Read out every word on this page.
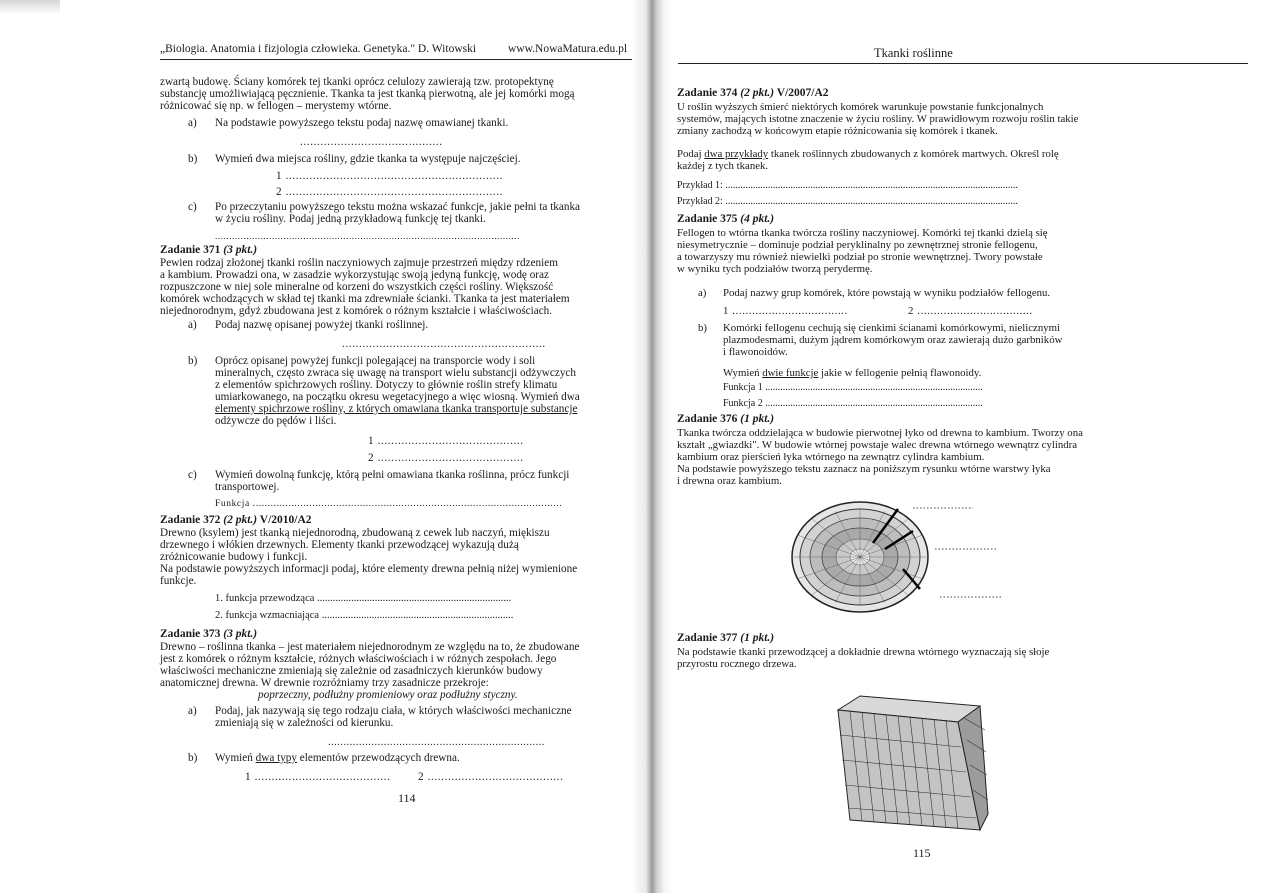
„Biologia. Anatomia i fizjologia człowieka. Genetyka." D. Witowski	www.NowaMatura.edu.pl
zwartą budowę. Ściany komórek tej tkanki oprócz celulozy zawierają tzw. protopektynę
substancję umożliwiającą pęcznienie. Tkanka ta jest tkanką pierwotną, ale jej komórki mogą
różnicować się np. w fellogen – merystemy wtórne.
a) Na podstawie powyższego tekstu podaj nazwę omawianej tkanki.
..........................................
b) Wymień dwa miejsca rośliny, gdzie tkanka ta występuje najczęściej.
1 ................................................................
2 ................................................................
c) Po przeczytaniu powyższego tekstu można wskazać funkcje, jakie pełni ta tkanka
w życiu rośliny. Podaj jedną przykładową funkcję tej tkanki.
...........................................................................................................
Zadanie 371 (3 pkt.)
Pewien rodzaj złożonej tkanki roślin naczyniowych zajmuje przestrzeń między rdzeniem
a kambium. Prowadzi ona, w zasadzie wykorzystując swoją jedyną funkcję, wodę oraz
rozpuszczone w niej sole mineralne od korzeni do wszystkich części rośliny. Większość
komórek wchodzących w skład tej tkanki ma zdrewniałe ścianki. Tkanka ta jest materiałem
niejednorodnym, gdyż zbudowana jest z komórek o różnym kształcie i właściwościach.
a) Podaj nazwę opisanej powyżej tkanki roślinnej.
............................................................
b) Oprócz opisanej powyżej funkcji polegającej na transporcie wody i soli
mineralnych, często zwraca się uwagę na transport wielu substancji odżywczych
z elementów spichrzowych rośliny. Dotyczy to głównie roślin strefy klimatu
umiarkowanego, na początku okresu wegetacyjnego a więc wiosną. Wymień dwa
elementy spichrzowe rośliny, z których omawiana tkanka transportuje substancje
odżywcze do pędów i liści.
1 ...........................................
2 ...........................................
c) Wymień dowolną funkcję, którą pełni omawiana tkanka roślinna, prócz funkcji
transportowej.
Funkcja ........................................................................................................
Zadanie 372 (2 pkt.) V/2010/A2
Drewno (ksylem) jest tkanką niejednorodną, zbudowaną z cewek lub naczyń, miękiszu
drzewnego i włókien drzewnych. Elementy tkanki przewodzącej wykazują dużą
zróżnicowanie budowy i funkcji.
Na podstawie powyższych informacji podaj, które elementy drewna pełnią niżej wymienione
funkcje.
1. funkcja przewodząca ..........................................................................
2. funkcja wzmacniająca .........................................................................
Zadanie 373 (3 pkt.)
Drewno – roślinna tkanka – jest materiałem niejednorodnym ze względu na to, że zbudowane
jest z komórek o różnym kształcie, różnych właściwościach i w różnych zespołach. Jego
właściwości mechaniczne zmieniają się zależnie od zasadniczych kierunków budowy
anatomicznej drewna. W drewnie rozróżniamy trzy zasadnicze przekroje:
poprzeczny, podłużny promieniowy oraz podłużny styczny.
a) Podaj, jak nazywają się tego rodzaju ciała, w których właściwości mechaniczne
zmieniają się w zależności od kierunku.
......................................................................
b) Wymień dwa typy elementów przewodzących drewna.
1 ........................................ 2 ........................................
114
Tkanki roślinne
Zadanie 374 (2 pkt.) V/2007/A2
U roślin wyższych śmierć niektórych komórek warunkuje powstanie funkcjonalnych
systemów, mających istotne znaczenie w życiu rośliny. W prawidłowym rozwoju roślin takie
zmiany zachodzą w końcowym etapie różnicowania się komórek i tkanek.
Podaj dwa przykłady tkanek roślinnych zbudowanych z komórek martwych. Określ rolę
każdej z tych tkanek.
Przykład 1: .....................................................................................................................
Przykład 2: .....................................................................................................................
Zadanie 375 (4 pkt.)
Fellogen to wtórna tkanka twórcza rośliny naczyniowej. Komórki tej tkanki dzielą się
niesymetrycznie – dominuje podział peryklinalny po zewnętrznej stronie fellogenu,
a towarzyszy mu również niewielki podział po stronie wewnętrznej. Twory powstałe
w wyniku tych podziałów tworzą perydermę.
a) Podaj nazwy grup komórek, które powstają w wyniku podziałów fellogenu.
1 ...................................	2 ...................................
b) Komórki fellogenu cechują się cienkimi ścianami komórkowymi, nielicznymi
plazmodesmami, dużym jądrem komórkowym oraz zawierają dużo garbników
i flawonoidów.
Wymień dwie funkcje jakie w fellogenie pełnią flawonoidy.
Funkcja 1 .......................................................................................
Funkcja 2 .......................................................................................
Zadanie 376 (1 pkt.)
Tkanka twórcza oddzielająca w budowie pierwotnej łyko od drewna to kambium. Tworzy ona
kształt „gwiazdki". W budowie wtórnej powstaje walec drewna wtórnego wewnątrz cylindra
kambium oraz pierścień łyka wtórnego na zewnątrz cylindra kambium.
Na podstawie powyższego tekstu zaznacz na poniższym rysunku wtórne warstwy łyka
i drewna oraz kambium.
Zadanie 377 (1 pkt.)
Na podstawie tkanki przewodzącej a dokładnie drewna wtórnego wyznaczają się słoje
przyrostu rocznego drzewa.
115
